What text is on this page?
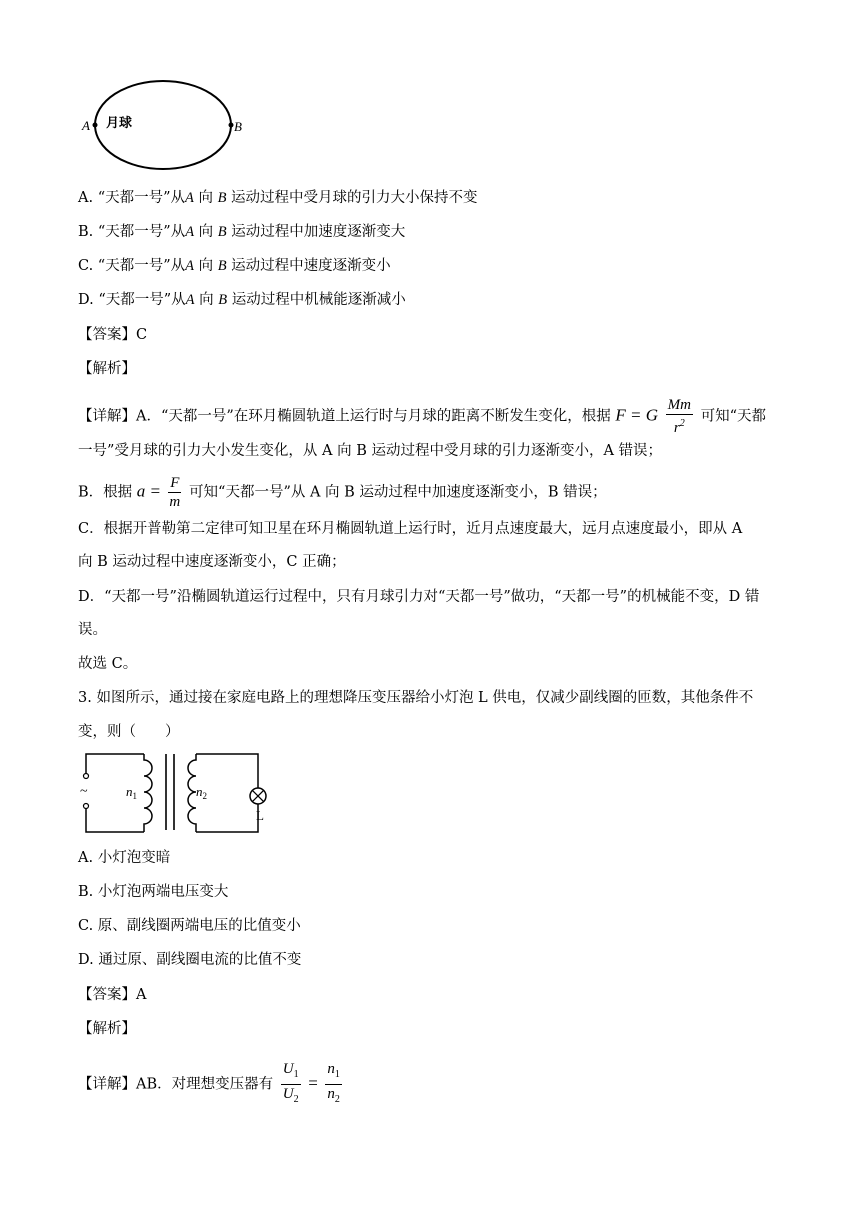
A	B
月球
A. “天都一号”从A 向 B 运动过程中受月球的引力大小保持不变
B. “天都一号”从A 向 B 运动过程中加速度逐渐变大
C. “天都一号”从A 向 B 运动过程中速度逐渐变小
D. “天都一号”从A 向 B 运动过程中机械能逐渐减小
【答案】C
【解析】
【详解】A．“天都一号”在环月椭圆轨道上运行时与月球的距离不断发生变化，根据 F = G $\frac{Mm}{r^2}$ 可知“天都
一号”受月球的引力大小发生变化，从 A 向 B 运动过程中受月球的引力逐渐变小，A 错误；
B．根据 $a = \frac{F}{m}$ 可知“天都一号”从 A 向 B 运动过程中加速度逐渐变小，B 错误；
C．根据开普勒第二定律可知卫星在环月椭圆轨道上运行时，近月点速度最大，远月点速度最小，即从 A
向 B 运动过程中速度逐渐变小，C 正确；
D．“天都一号”沿椭圆轨道运行过程中，只有月球引力对“天都一号”做功，“天都一号”的机械能不变，D 错
误。
故选 C。
3. 如图所示，通过接在家庭电路上的理想降压变压器给小灯泡 L 供电，仅减少副线圈的匝数，其他条件不
变，则（　　）
~	$n_1$	$n_2$
L
A. 小灯泡变暗
B. 小灯泡两端电压变大
C. 原、副线圈两端电压的比值变小
D. 通过原、副线圈电流的比值不变
【答案】A
【解析】
【详解】AB．对理想变压器有 $\frac{U_1}{U_2} = \frac{n_1}{n_2}$
